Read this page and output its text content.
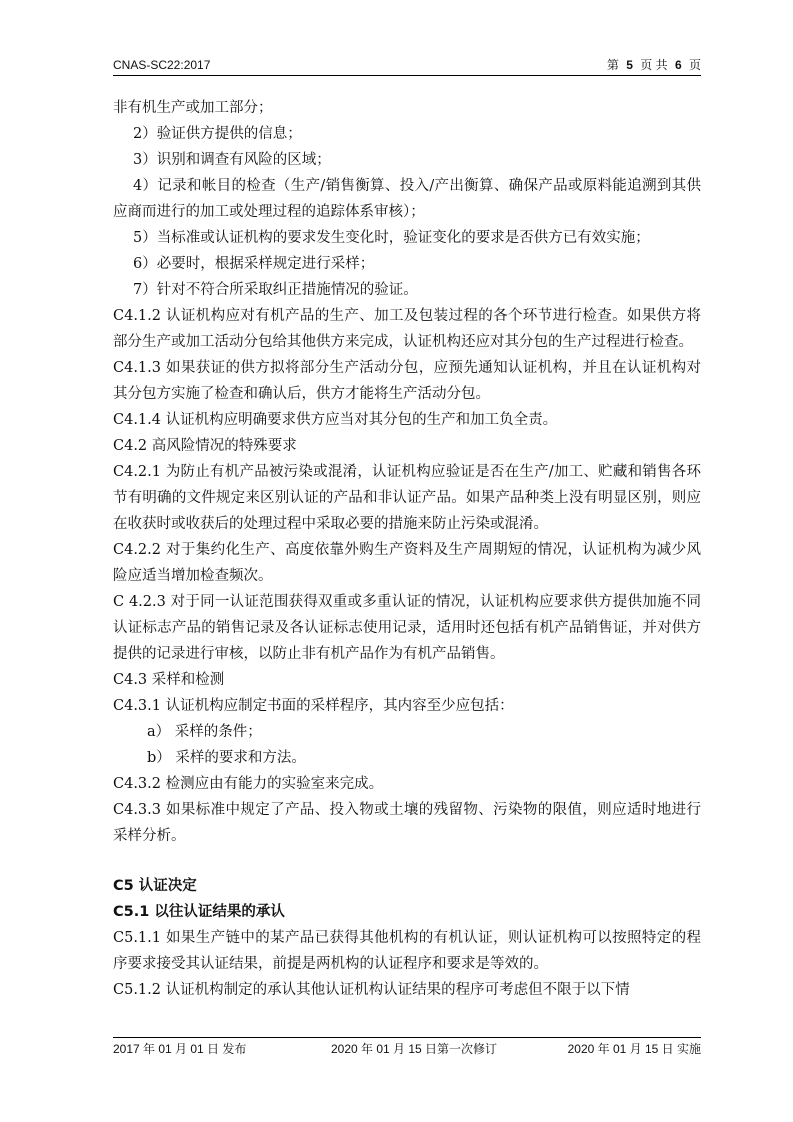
CNAS-SC22:2017	第 5 页 共 6 页

非有机生产或加工部分；

2）验证供方提供的信息；

3）识别和调查有风险的区域；

4）记录和帐目的检查（生产/销售衡算、投入/产出衡算、确保产品或原料能追溯到其供应商而进行的加工或处理过程的追踪体系审核）；

5）当标准或认证机构的要求发生变化时，验证变化的要求是否供方已有效实施；

6）必要时，根据采样规定进行采样；

7）针对不符合所采取纠正措施情况的验证。

C4.1.2 认证机构应对有机产品的生产、加工及包装过程的各个环节进行检查。如果供方将部分生产或加工活动分包给其他供方来完成，认证机构还应对其分包的生产过程进行检查。

C4.1.3 如果获证的供方拟将部分生产活动分包，应预先通知认证机构，并且在认证机构对其分包方实施了检查和确认后，供方才能将生产活动分包。

C4.1.4 认证机构应明确要求供方应当对其分包的生产和加工负全责。

C4.2 高风险情况的特殊要求

C4.2.1 为防止有机产品被污染或混淆，认证机构应验证是否在生产/加工、贮藏和销售各环节有明确的文件规定来区别认证的产品和非认证产品。如果产品种类上没有明显区别，则应在收获时或收获后的处理过程中采取必要的措施来防止污染或混淆。

C4.2.2 对于集约化生产、高度依靠外购生产资料及生产周期短的情况，认证机构为减少风险应适当增加检查频次。

C 4.2.3 对于同一认证范围获得双重或多重认证的情况，认证机构应要求供方提供加施不同认证标志产品的销售记录及各认证标志使用记录，适用时还包括有机产品销售证，并对供方提供的记录进行审核，以防止非有机产品作为有机产品销售。

C4.3 采样和检测

C4.3.1 认证机构应制定书面的采样程序，其内容至少应包括：

a） 采样的条件；

b） 采样的要求和方法。

C4.3.2 检测应由有能力的实验室来完成。

C4.3.3 如果标准中规定了产品、投入物或土壤的残留物、污染物的限值，则应适时地进行采样分析。

C5 认证决定

C5.1 以往认证结果的承认

C5.1.1 如果生产链中的某产品已获得其他机构的有机认证，则认证机构可以按照特定的程序要求接受其认证结果，前提是两机构的认证程序和要求是等效的。

C5.1.2 认证机构制定的承认其他认证机构认证结果的程序可考虑但不限于以下情

2017 年 01 月 01 日 发布	2020 年 01 月 15 日第一次修订	2020 年 01 月 15 日 实施
